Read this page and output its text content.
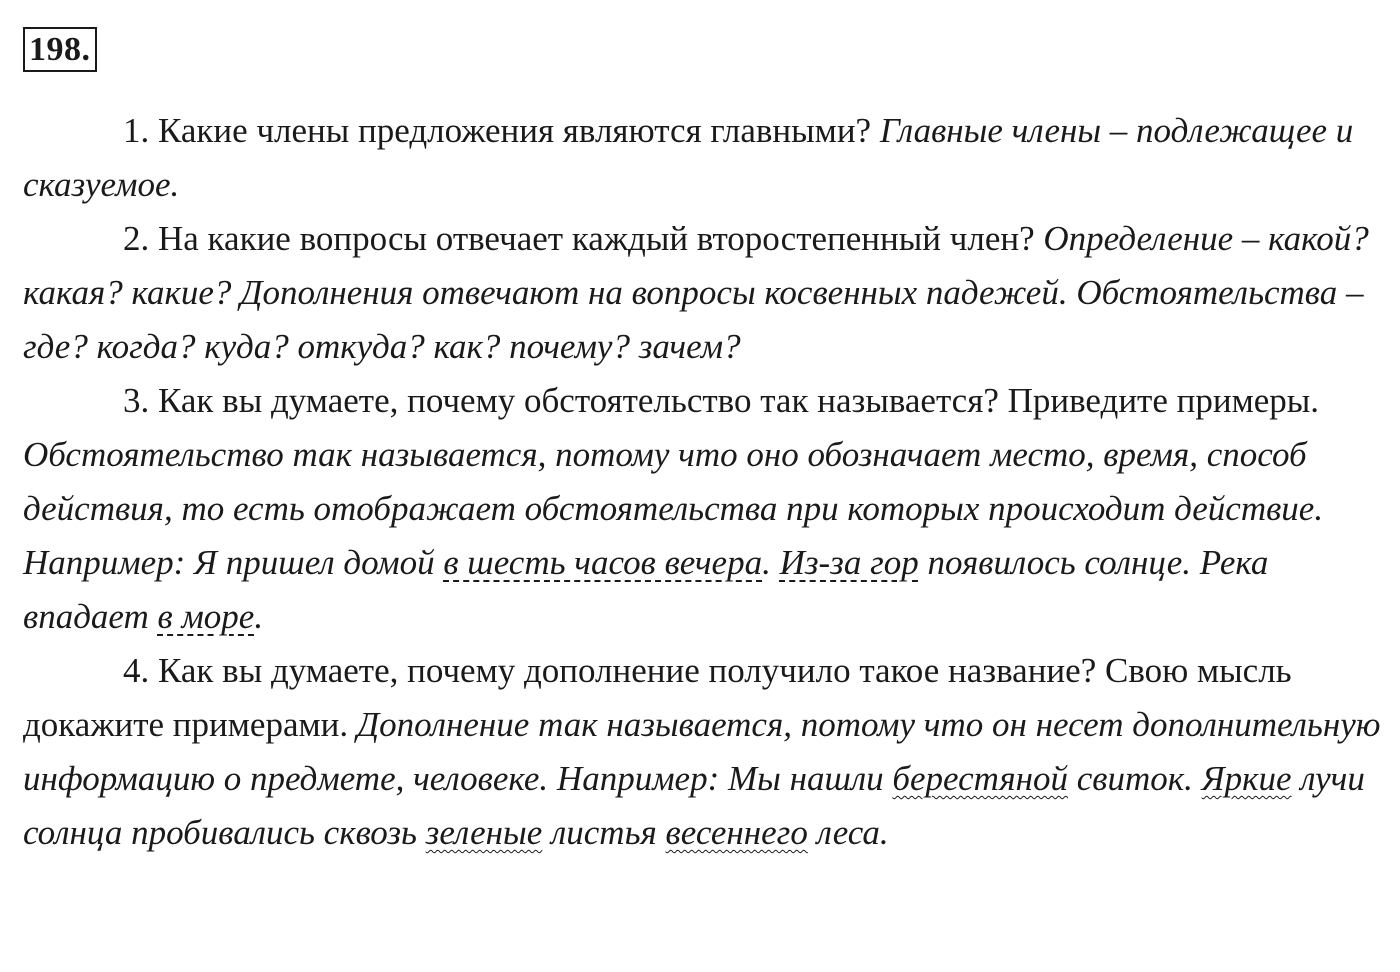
198.

1. Какие члены предложения являются главными? Главные члены – подлежащее и сказуемое.

2. На какие вопросы отвечает каждый второстепенный член? Определение – какой? какая? какие? Дополнения отвечают на вопросы косвенных падежей. Обстоятельства – где? когда? куда? откуда? как? почему? зачем?

3. Как вы думаете, почему обстоятельство так называется? Приведите примеры. Обстоятельство так называется, потому что оно обозначает место, время, способ действия, то есть отображает обстоятельства при которых происходит действие. Например: Я пришел домой в шесть часов вечера. Из-за гор появилось солнце. Река впадает в море.

4. Как вы думаете, почему дополнение получило такое название? Свою мысль докажите примерами. Дополнение так называется, потому что он несет дополнительную информацию о предмете, человеке. Например: Мы нашли берестяной свиток. Яркие лучи солнца пробивались сквозь зеленые листья весеннего леса.
